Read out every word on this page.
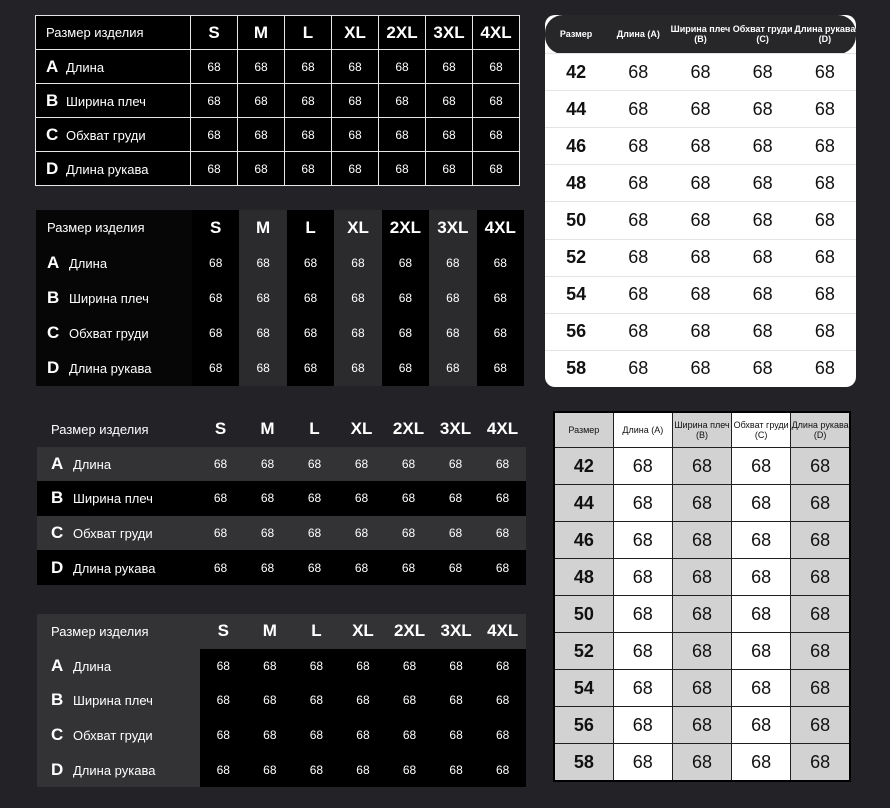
Размер изделия	S	M	L	XL	2XL	3XL	4XL
A Длина	68	68	68	68	68	68	68
B Ширина плеч	68	68	68	68	68	68	68
C Обхват груди	68	68	68	68	68	68	68
D Длина рукава	68	68	68	68	68	68	68
Размер изделия	S	M	L	XL	2XL	3XL	4XL
A Длина	68	68	68	68	68	68	68
B Ширина плеч	68	68	68	68	68	68	68
C Обхват груди	68	68	68	68	68	68	68
D Длина рукава	68	68	68	68	68	68	68
Размер изделия	S	M	L	XL	2XL	3XL	4XL
A Длина	68	68	68	68	68	68	68
B Ширина плеч	68	68	68	68	68	68	68
C Обхват груди	68	68	68	68	68	68	68
D Длина рукава	68	68	68	68	68	68	68
Размер изделия	S	M	L	XL	2XL	3XL	4XL
A Длина	68	68	68	68	68	68	68
B Ширина плеч	68	68	68	68	68	68	68
C Обхват груди	68	68	68	68	68	68	68
D Длина рукава	68	68	68	68	68	68	68
Размер	Длина (А)	Ширина плеч (B)	Обхват груди (С)	Длина рукава (D)
42	68	68	68	68
44	68	68	68	68
46	68	68	68	68
48	68	68	68	68
50	68	68	68	68
52	68	68	68	68
54	68	68	68	68
56	68	68	68	68
58	68	68	68	68
Размер	Длина (А)	Ширина плеч (B)	Обхват груди (С)	Длина рукава (D)
42	68	68	68	68
44	68	68	68	68
46	68	68	68	68
48	68	68	68	68
50	68	68	68	68
52	68	68	68	68
54	68	68	68	68
56	68	68	68	68
58	68	68	68	68
